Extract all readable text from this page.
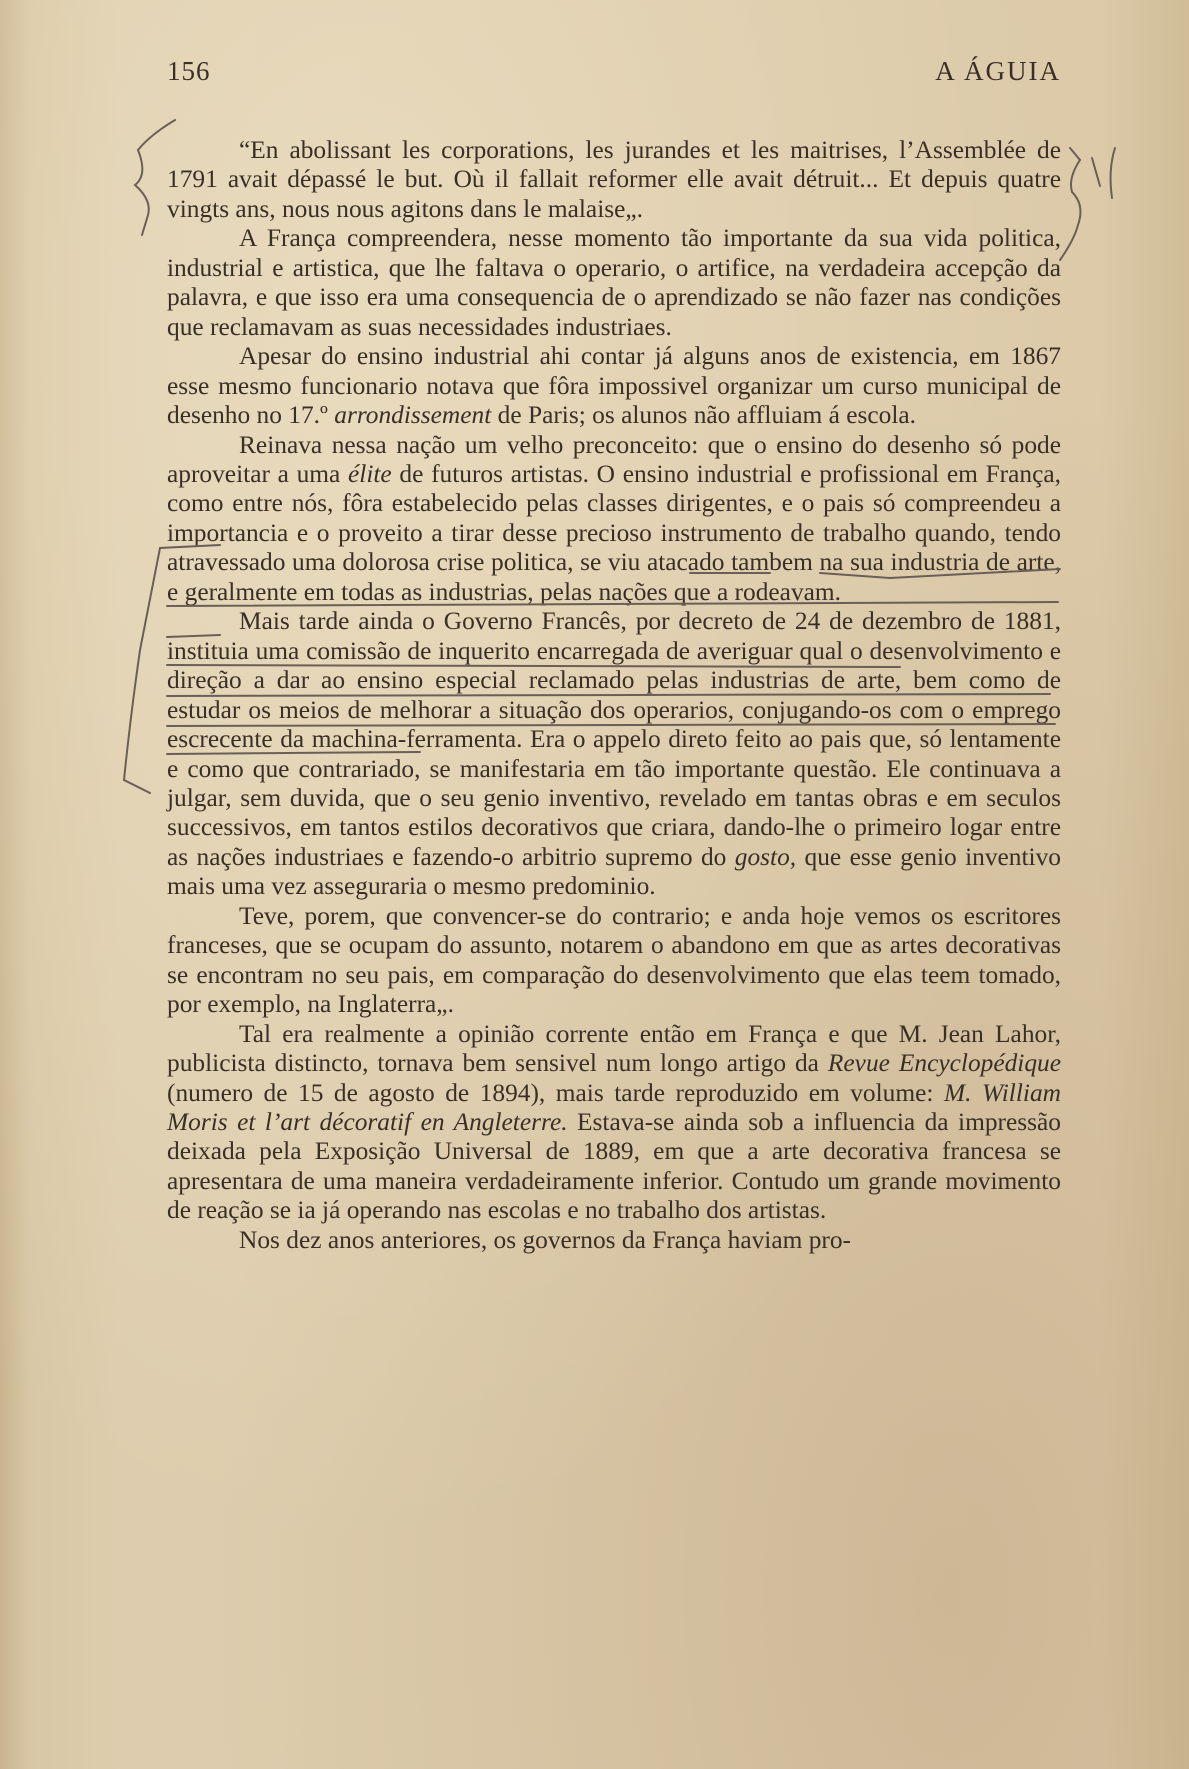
156	A ÁGUIA

“En abolissant les corporations, les jurandes et les maitrises, l’Assemblée de 1791 avait dépassé le but. Où il fallait reformer elle avait détruit... Et depuis quatre vingts ans, nous nous agitons dans le malaise„.

A França compreendera, nesse momento tão importante da sua vida politica, industrial e artistica, que lhe faltava o operario, o artifice, na verdadeira accepção da palavra, e que isso era uma consequencia de o aprendizado se não fazer nas condições que reclamavam as suas necessidades industriaes.

Apesar do ensino industrial ahi contar já alguns anos de existencia, em 1867 esse mesmo funcionario notava que fôra impossivel organizar um curso municipal de desenho no 17.º arrondissement de Paris; os alunos não affluiam á escola.

Reinava nessa nação um velho preconceito: que o ensino do desenho só pode aproveitar a uma élite de futuros artistas. O ensino industrial e profissional em França, como entre nós, fôra estabelecido pelas classes dirigentes, e o pais só compreendeu a importancia e o proveito a tirar desse precioso instrumento de trabalho quando, tendo atravessado uma dolorosa crise politica, se viu atacado tambem na sua industria de arte, e geralmente em todas as industrias, pelas nações que a rodeavam.

Mais tarde ainda o Governo Francês, por decreto de 24 de dezembro de 1881, instituia uma comissão de inquerito encarregada de averiguar qual o desenvolvimento e direção a dar ao ensino especial reclamado pelas industrias de arte, bem como de estudar os meios de melhorar a situação dos operarios, conjugando-os com o emprego escrecente da machina-ferramenta. Era o appelo direto feito ao pais que, só lentamente e como que contrariado, se manifestaria em tão importante questão. Ele continuava a julgar, sem duvida, que o seu genio inventivo, revelado em tantas obras e em seculos successivos, em tantos estilos decorativos que criara, dando-lhe o primeiro logar entre as nações industriaes e fazendo-o arbitrio supremo do gosto, que esse genio inventivo mais uma vez asseguraria o mesmo predominio.

Teve, porem, que convencer-se do contrario; e anda hoje vemos os escritores franceses, que se ocupam do assunto, notarem o abandono em que as artes decorativas se encontram no seu pais, em comparação do desenvolvimento que elas teem tomado, por exemplo, na Inglaterra„.

Tal era realmente a opinião corrente então em França e que M. Jean Lahor, publicista distincto, tornava bem sensivel num longo artigo da Revue Encyclopédique (numero de 15 de agosto de 1894), mais tarde reproduzido em volume: M. William Moris et l’art décoratif en Angleterre. Estava-se ainda sob a influencia da impressão deixada pela Exposição Universal de 1889, em que a arte decorativa francesa se apresentara de uma maneira verdadeiramente inferior. Contudo um grande movimento de reação se ia já operando nas escolas e no trabalho dos artistas.

Nos dez anos anteriores, os governos da França haviam pro-
